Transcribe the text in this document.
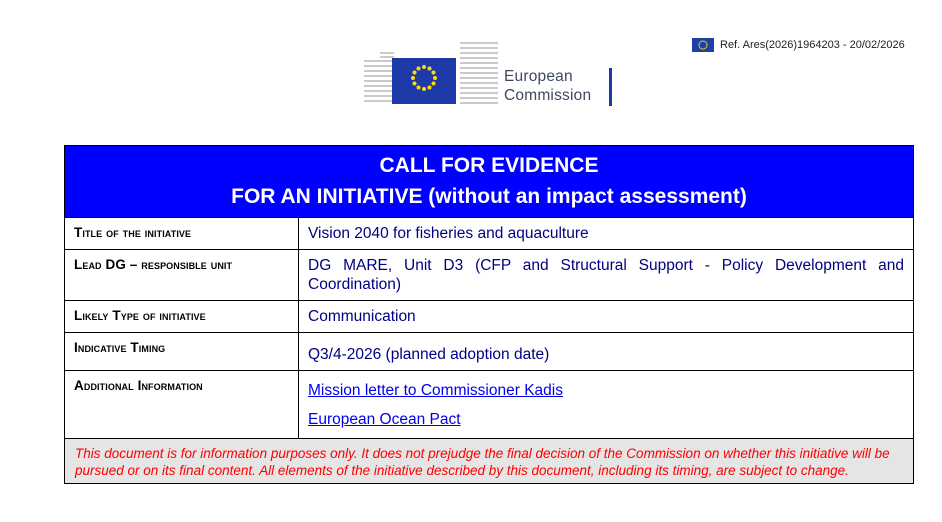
Ref. Ares(2026)1964203 - 20/02/2026
European
Commission
CALL FOR EVIDENCE
FOR AN INITIATIVE (without an impact assessment)
Title of the initiative	Vision 2040 for fisheries and aquaculture
Lead DG – responsible unit	DG MARE, Unit D3 (CFP and Structural Support - Policy Development and Coordination)
Likely Type of initiative	Communication
Indicative Timing	Q3/4-2026 (planned adoption date)
Additional Information	Mission letter to Commissioner Kadis
European Ocean Pact
This document is for information purposes only. It does not prejudge the final decision of the Commission on whether this initiative will be pursued or on its final content. All elements of the initiative described by this document, including its timing, are subject to change.
